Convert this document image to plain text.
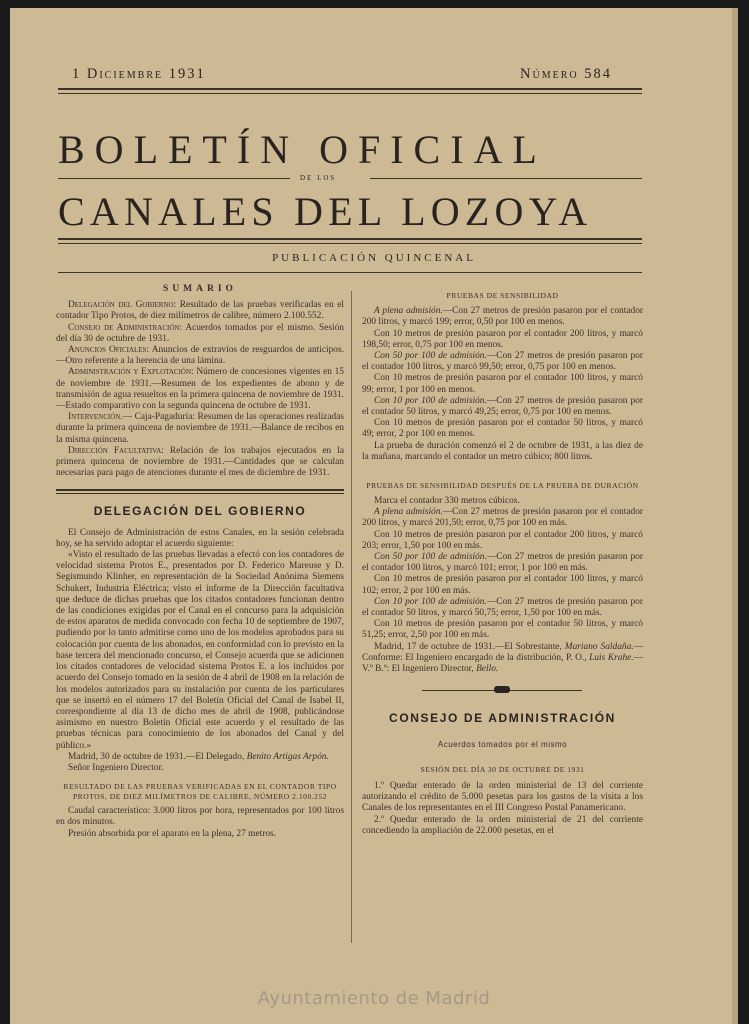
1 Diciembre 1931	Número 584
BOLETÍN OFICIAL
DE LOS
CANALES DEL LOZOYA
PUBLICACIÓN QUINCENAL
SUMARIO

Delegación del Gobierno: Resultado de las pruebas verificadas en el contador Tipo Protos, de diez milímetros de calibre, número 2.100.552.

Consejo de Administración: Acuerdos tomados por el mismo. Sesión del día 30 de octubre de 1931.

Anuncios Oficiales: Anuncios de extravíos de resguardos de anticipos.—Otro referente a la herencia de una lámina.

Administración y Explotación: Número de concesiones vigentes en 15 de noviembre de 1931.—Resumen de los expedientes de abono y de transmisión de agua resueltos en la primera quincena de noviembre de 1931.—Estado comparativo con la segunda quincena de octubre de 1931.

Intervención.— Caja-Pagaduría: Resumen de las operaciones realizadas durante la primera quincena de noviembre de 1931.—Balance de recibos en la misma quincena.

Dirección Facultativa: Relación de los trabajos ejecutados en la primera quincena de noviembre de 1931.—Cantidades que se calculan necesarias para pago de atenciones durante el mes de diciembre de 1931.

DELEGACIÓN DEL GOBIERNO

El Consejo de Administración de estos Canales, en la sesión celebrada hoy, se ha servido adoptar el acuerdo siguiente:

«Visto el resultado de las pruebas llevadas a efectó con los contadores de velocidad sistema Protos E., presentados por D. Federico Mareuse y D. Segismundo Klinher, en representación de la Sociedad Anónima Siemens Schukert, Industria Eléctrica; visto el informe de la Dirección facultativa que deduce de dichas pruebas que los citados contadores funcionan dentro de las condiciones exigidas por el Canal en el concurso para la adquisición de estos aparatos de medida convocado con fecha 10 de septiembre de 1907, pudiendo por lo tanto admitirse como uno de los modelos aprobados para su colocación por cuenta de los abonados, en conformidad con lo previsto en la base tercera del mencionado concurso, el Consejo acuerda que se adicionen los citados contadores de velocidad sistema Protos E. a los incluidos por acuerdo del Consejo tomado en la sesión de 4 abril de 1908 en la relación de los modelos autorizados para su instalación por cuenta de los particulares que se insertó en el número 17 del Boletín Oficial del Canal de Isabel II, correspondiente al día 13 de dicho mes de abril de 1908, publicándose asimismo en nuestro Boletín Oficial este acuerdo y el resultado de las pruebas técnicas para conocimiento de los abonados del Canal y del público.»

Madrid, 30 de octubre de 1931.—El Delegado, Benito Artigas Arpón.

Señor Ingeniero Director.

RESULTADO DE LAS PRUEBAS VERIFICADAS EN EL CONTADOR TIPO PROTOS, DE DIEZ MILÍMETROS DE CALIBRE, NÚMERO 2.100.252

Caudal característico: 3.000 litros por hora, representados por 100 litros en dos minutos.

Presión absorbida por el aparato en la plena, 27 metros.

PRUEBAS DE SENSIBILIDAD

A plena admisión.—Con 27 metros de presión pasaron por el contador 200 litros, y marcó 199; error, 0,50 por 100 en menos.

Con 10 metros de presión pasaron por el contador 200 litros, y marcó 198,50; error, 0,75 por 100 en menos.

Con 50 por 100 de admisión.—Con 27 metros de presión pasaron por el contador 100 litros, y marcó 99,50; error, 0,75 por 100 en menos.

Con 10 metros de presión pasaron por el contador 100 litros, y marcó 99; error, 1 por 100 en menos.

Con 10 por 100 de admisión.—Con 27 metros de presión pasaron por el contador 50 litros, y marcó 49,25; error, 0,75 por 100 en menos.

Con 10 metros de presión pasaron por el contador 50 litros, y marcó 49; error, 2 por 100 en menos.

La prueba de duración comenzó el 2 de octubre de 1931, a las diez de la mañana, marcando el contador un metro cúbico; 800 litros.

PRUEBAS DE SENSIBILIDAD DESPUÉS DE LA PRUEBA DE DURACIÓN

Marca el contador 330 metros cúbicos.

A plena admisión.—Con 27 metros de presión pasaron por el contador 200 litros, y marcó 201,50; error, 0,75 por 100 en más.

Con 10 metros de presión pasaron por el contador 200 litros, y marcó 203; error, 1,50 por 100 en más.

Con 50 por 100 de admisión.—Con 27 metros de presión pasaron por el contador 100 litros, y marcó 101; error, 1 por 100 en más.

Con 10 metros de presión pasaron por el contador 100 litros, y marcó 102; error, 2 por 100 en más.

Con 10 por 100 de admisión.—Con 27 metros de presión pasaron por el contador 50 litros, y marcó 50,75; error, 1,50 por 100 en más.

Con 10 metros de presión pasaron por el contador 50 litros, y marcó 51,25; error, 2,50 por 100 en más.

Madrid, 17 de octubre de 1931.—El Sobrestante, Mariano Saldaña.—Conforme: El Ingeniero encargado de la distribución, P. O., Luis Krahe.—V.º B.º: El Ingeniero Director, Bello.

CONSEJO DE ADMINISTRACIÓN
Acuerdos tomados por el mismo
SESIÓN DEL DÍA 30 DE OCTUBRE DE 1931

1.º Quedar enterado de la orden ministerial de 13 del corriente autorizando el crédito de 5.000 pesetas para los gastos de la visita a los Canales de los representantes en el III Congreso Postal Panamericano.

2.º Quedar enterado de la orden ministerial de 21 del corriente concediendo la ampliación de 22.000 pesetas, en el

Ayuntamiento de Madrid
